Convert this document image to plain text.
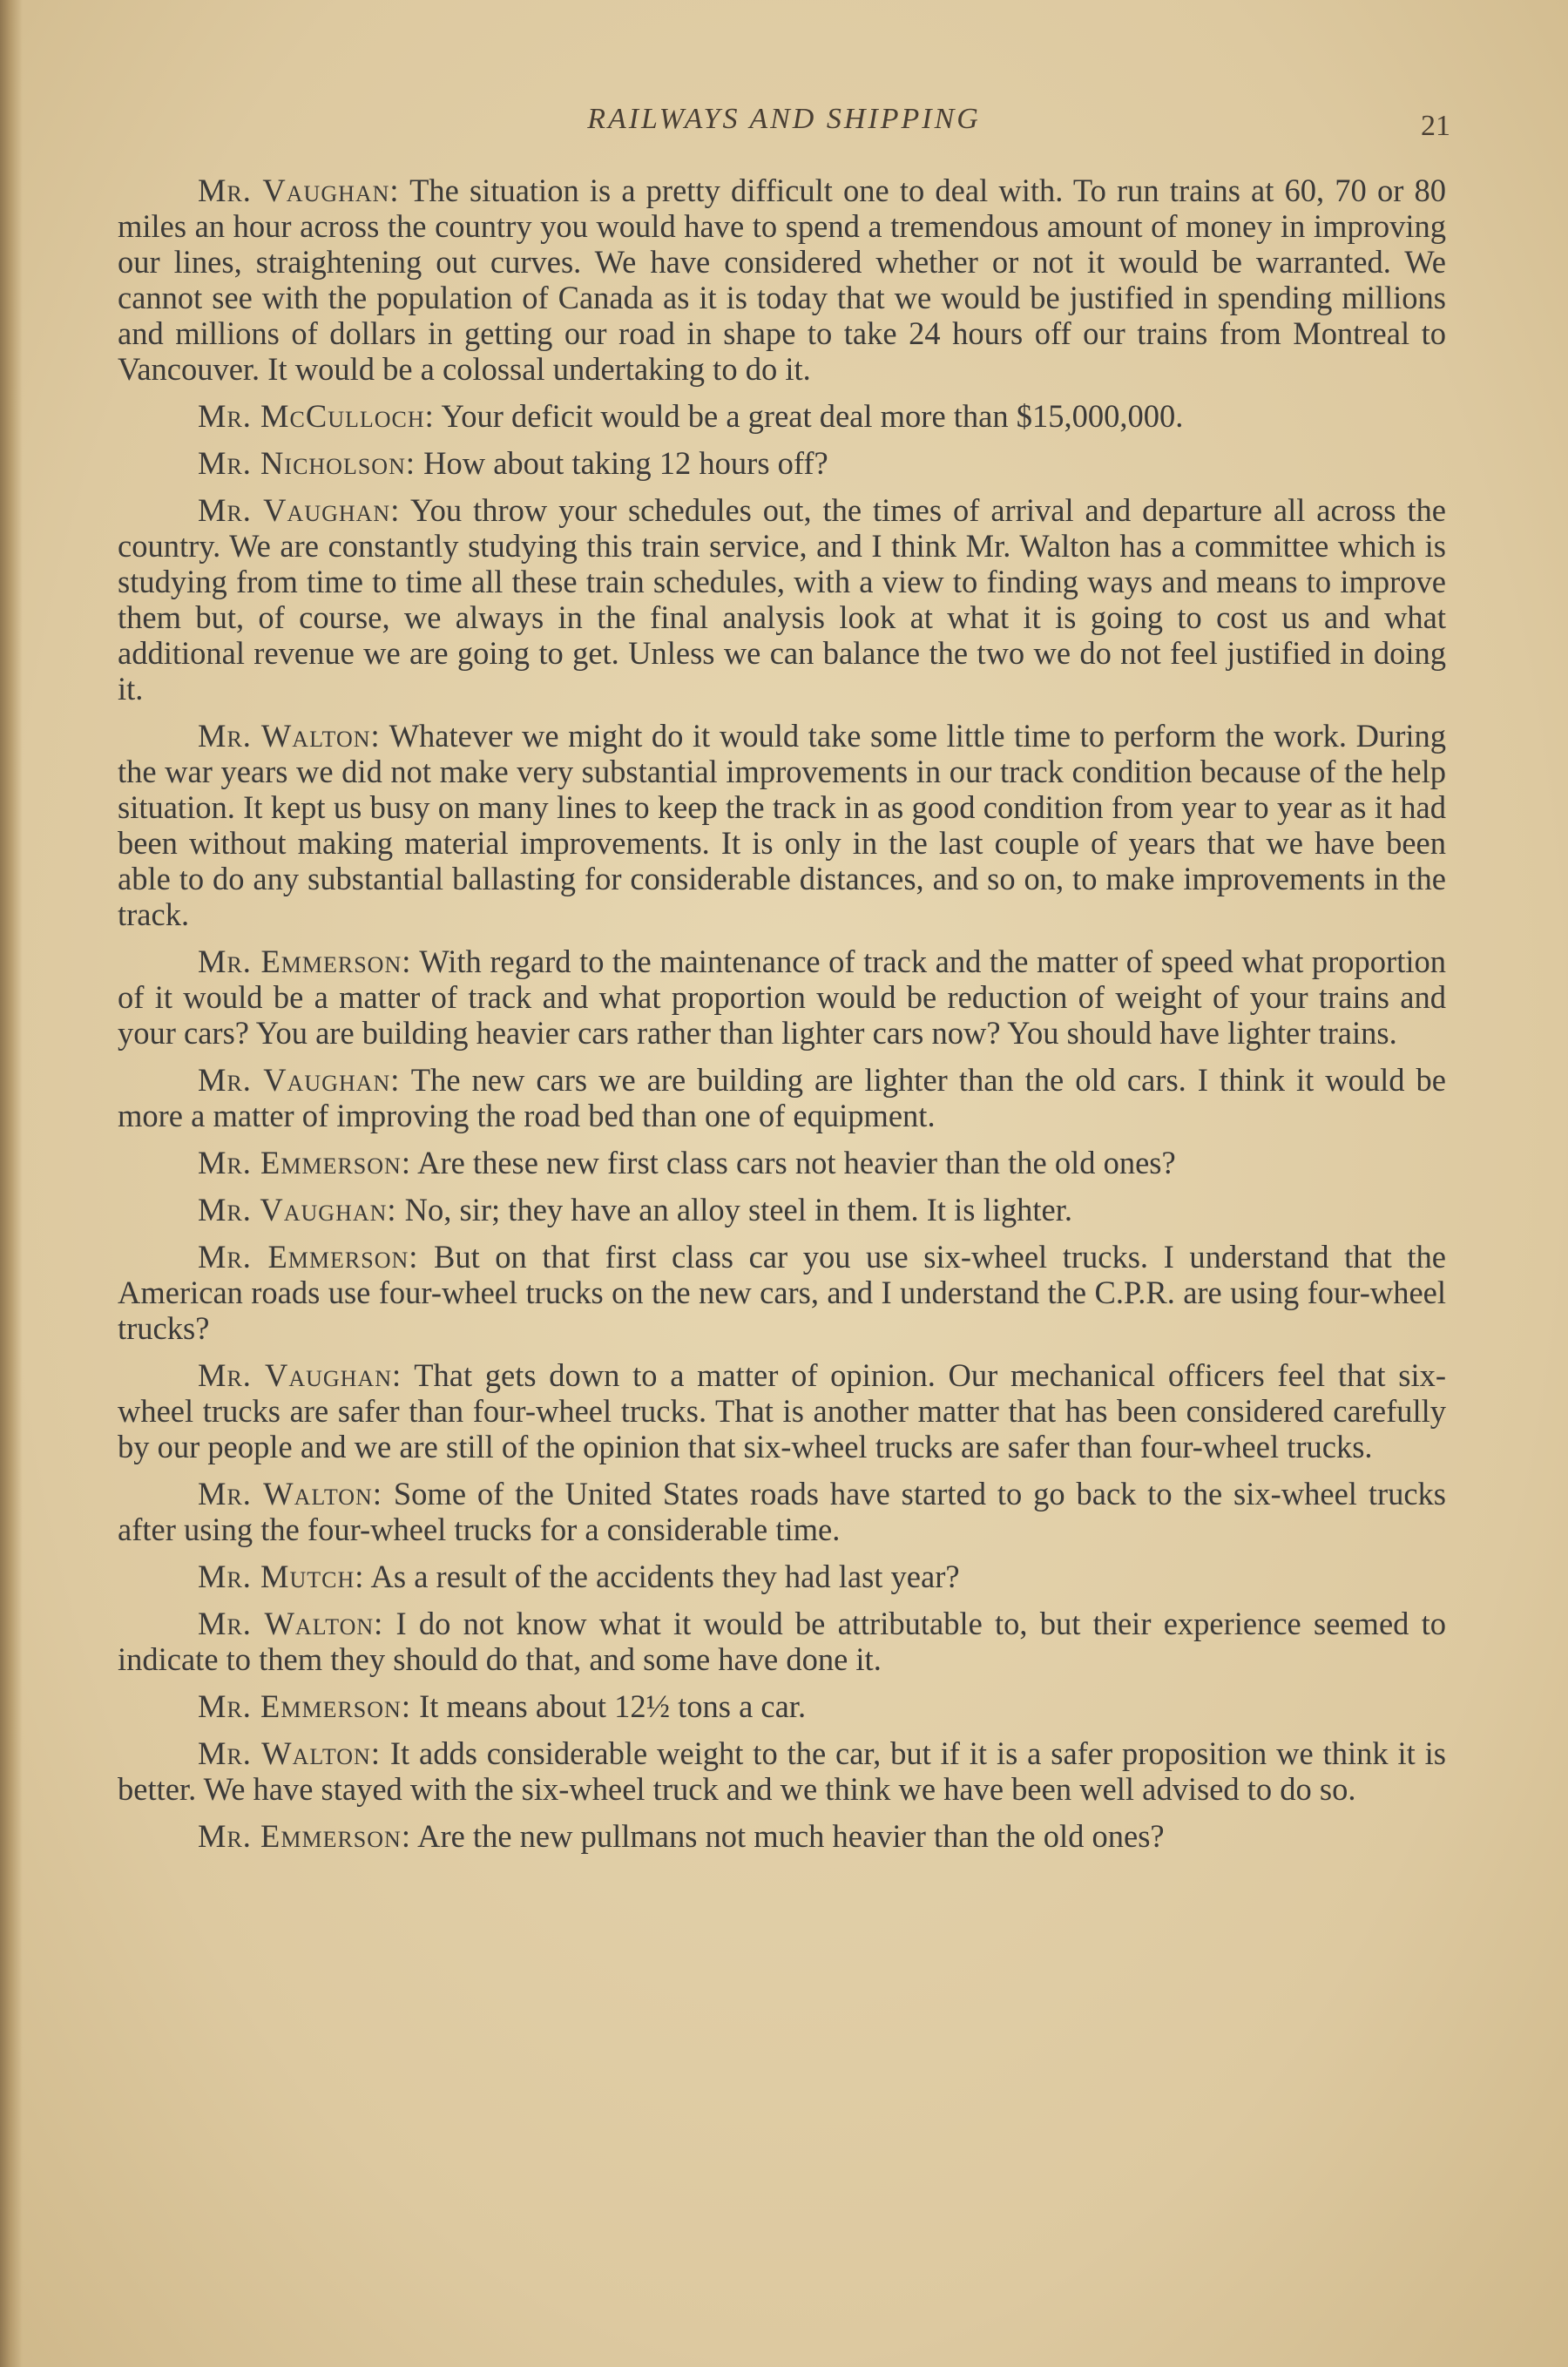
RAILWAYS AND SHIPPING	21

Mr. Vaughan: The situation is a pretty difficult one to deal with. To run trains at 60, 70 or 80 miles an hour across the country you would have to spend a tremendous amount of money in improving our lines, straightening out curves. We have considered whether or not it would be warranted. We cannot see with the population of Canada as it is today that we would be justified in spending millions and millions of dollars in getting our road in shape to take 24 hours off our trains from Montreal to Vancouver. It would be a colossal undertaking to do it.

Mr. McCulloch: Your deficit would be a great deal more than $15,000,000.

Mr. Nicholson: How about taking 12 hours off?

Mr. Vaughan: You throw your schedules out, the times of arrival and departure all across the country. We are constantly studying this train service, and I think Mr. Walton has a committee which is studying from time to time all these train schedules, with a view to finding ways and means to improve them but, of course, we always in the final analysis look at what it is going to cost us and what additional revenue we are going to get. Unless we can balance the two we do not feel justified in doing it.

Mr. Walton: Whatever we might do it would take some little time to perform the work. During the war years we did not make very substantial improvements in our track condition because of the help situation. It kept us busy on many lines to keep the track in as good condition from year to year as it had been without making material improvements. It is only in the last couple of years that we have been able to do any substantial ballasting for considerable distances, and so on, to make improvements in the track.

Mr. Emmerson: With regard to the maintenance of track and the matter of speed what proportion of it would be a matter of track and what proportion would be reduction of weight of your trains and your cars? You are building heavier cars rather than lighter cars now? You should have lighter trains.

Mr. Vaughan: The new cars we are building are lighter than the old cars. I think it would be more a matter of improving the road bed than one of equipment.

Mr. Emmerson: Are these new first class cars not heavier than the old ones?

Mr. Vaughan: No, sir; they have an alloy steel in them. It is lighter.

Mr. Emmerson: But on that first class car you use six-wheel trucks. I understand that the American roads use four-wheel trucks on the new cars, and I understand the C.P.R. are using four-wheel trucks?

Mr. Vaughan: That gets down to a matter of opinion. Our mechanical officers feel that six-wheel trucks are safer than four-wheel trucks. That is another matter that has been considered carefully by our people and we are still of the opinion that six-wheel trucks are safer than four-wheel trucks.

Mr. Walton: Some of the United States roads have started to go back to the six-wheel trucks after using the four-wheel trucks for a considerable time.

Mr. Mutch: As a result of the accidents they had last year?

Mr. Walton: I do not know what it would be attributable to, but their experience seemed to indicate to them they should do that, and some have done it.

Mr. Emmerson: It means about 12½ tons a car.

Mr. Walton: It adds considerable weight to the car, but if it is a safer proposition we think it is better. We have stayed with the six-wheel truck and we think we have been well advised to do so.

Mr. Emmerson: Are the new pullmans not much heavier than the old ones?
